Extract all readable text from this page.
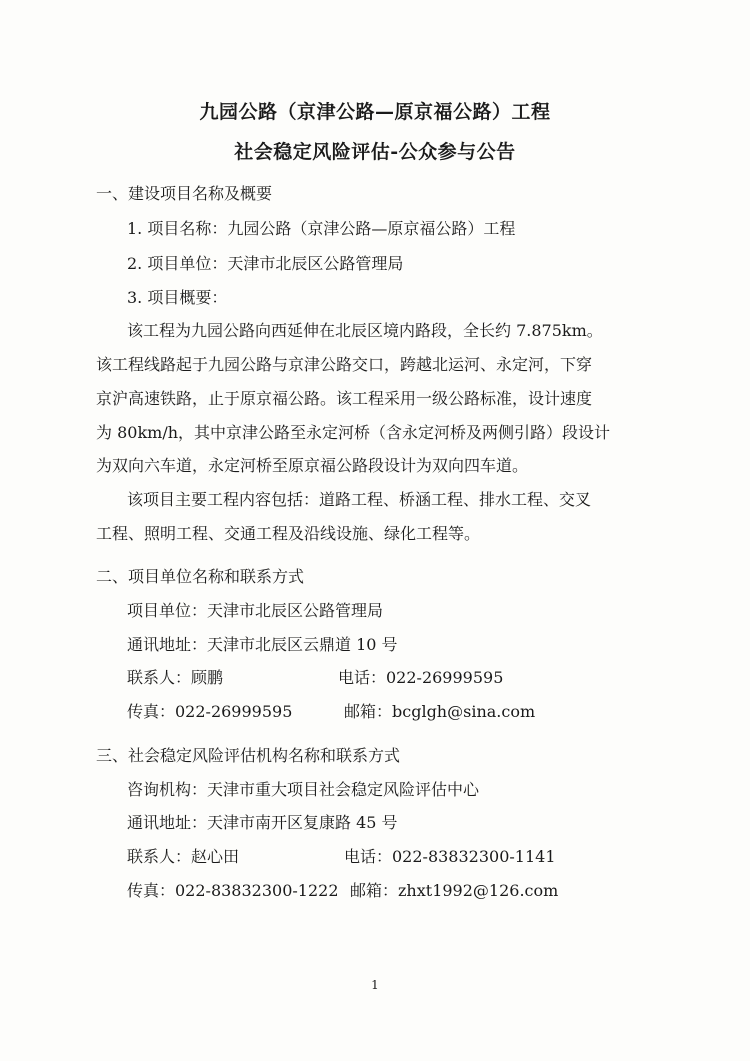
九园公路（京津公路—原京福公路）工程
社会稳定风险评估-公众参与公告
一、建设项目名称及概要
1. 项目名称：九园公路（京津公路—原京福公路）工程
2. 项目单位：天津市北辰区公路管理局
3. 项目概要：
该工程为九园公路向西延伸在北辰区境内路段，全长约 7.875km。
该工程线路起于九园公路与京津公路交口，跨越北运河、永定河，下穿
京沪高速铁路，止于原京福公路。该工程采用一级公路标准，设计速度
为 80km/h，其中京津公路至永定河桥（含永定河桥及两侧引路）段设计
为双向六车道，永定河桥至原京福公路段设计为双向四车道。
该项目主要工程内容包括：道路工程、桥涵工程、排水工程、交叉
工程、照明工程、交通工程及沿线设施、绿化工程等。
二、项目单位名称和联系方式
项目单位：天津市北辰区公路管理局
通讯地址：天津市北辰区云鼎道 10 号
联系人：顾鹏	电话：022-26999595
传真：022-26999595	邮箱：bcglgh@sina.com
三、社会稳定风险评估机构名称和联系方式
咨询机构：天津市重大项目社会稳定风险评估中心
通讯地址：天津市南开区复康路 45 号
联系人：赵心田	电话：022-83832300-1141
传真：022-83832300-1222 邮箱：zhxt1992@126.com
1
